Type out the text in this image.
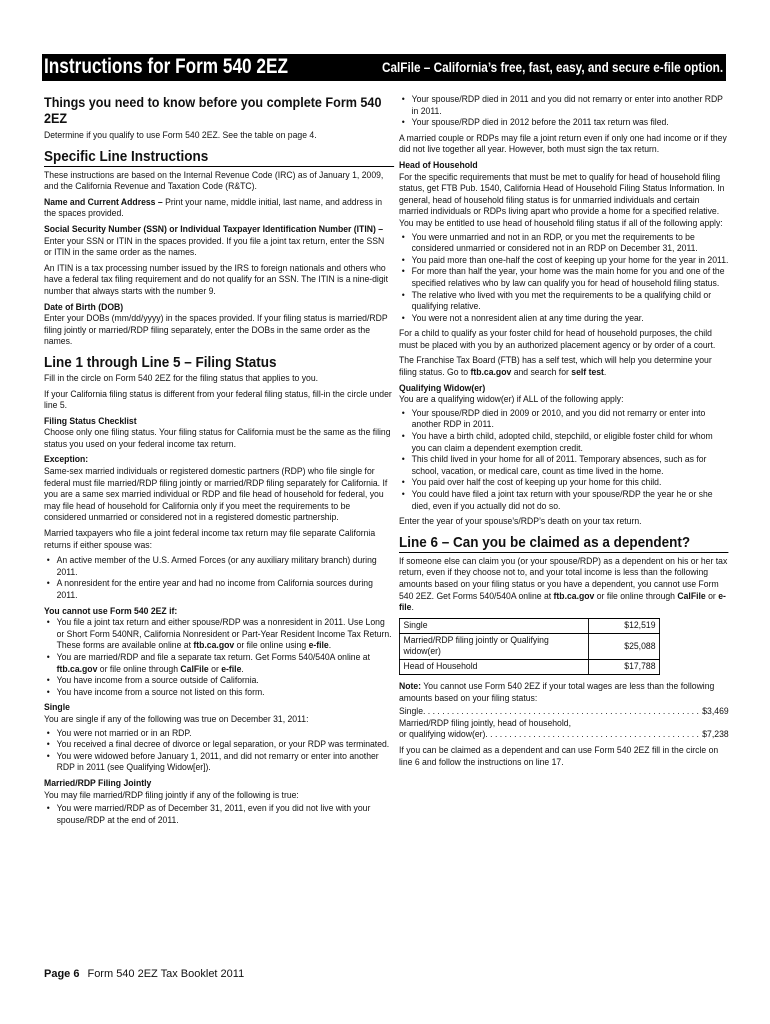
Instructions for Form 540 2EZ	CalFile – California’s free, fast, easy, and secure e-file option.
Things you need to know before you complete Form 540 2EZ

Determine if you qualify to use Form 540 2EZ. See the table on page 4.

Specific Line Instructions

These instructions are based on the Internal Revenue Code (IRC) as of January 1, 2009, and the California Revenue and Taxation Code (R&TC).

Name and Current Address – Print your name, middle initial, last name, and address in the spaces provided.

Social Security Number (SSN) or Individual Taxpayer Identification Number (ITIN) – Enter your SSN or ITIN in the spaces provided. If you file a joint tax return, enter the SSN or ITIN in the same order as the names.

An ITIN is a tax processing number issued by the IRS to foreign nationals and others who have a federal tax filing requirement and do not qualify for an SSN. The ITIN is a nine-digit number that always starts with the number 9.

Date of Birth (DOB)

Enter your DOBs (mm/dd/yyyy) in the spaces provided. If your filing status is married/RDP filing jointly or married/RDP filing separately, enter the DOBs in the same order as the names.

Line 1 through Line 5 – Filing Status

Fill in the circle on Form 540 2EZ for the filing status that applies to you.

If your California filing status is different from your federal filing status, fill-in the circle under line 5.

Filing Status Checklist

Choose only one filing status. Your filing status for California must be the same as the filing status you used on your federal income tax return.

Exception:

Same-sex married individuals or registered domestic partners (RDP) who file single for federal must file married/RDP filing jointly or married/RDP filing separately for California. If you are a same sex married individual or RDP and file head of household for federal, you may file head of household for California only if you meet the requirements to be considered unmarried or considered not in a registered domestic partnership.

Married taxpayers who file a joint federal income tax return may file separate California returns if either spouse was:

• An active member of the U.S. Armed Forces (or any auxiliary military branch) during 2011.
• A nonresident for the entire year and had no income from California sources during 2011.
You cannot use Form 540 2EZ if:
• You file a joint tax return and either spouse/RDP was a nonresident in 2011. Use Long or Short Form 540NR, California Nonresident or Part-Year Resident Income Tax Return. These forms are available online at ftb.ca.gov or file online using e-file.
• You are married/RDP and file a separate tax return. Get Forms 540/540A online at ftb.ca.gov or file online through CalFile or e-file.
• You have income from a source outside of California.
• You have income from a source not listed on this form.
Single

You are single if any of the following was true on December 31, 2011:

• You were not married or in an RDP.
• You received a final decree of divorce or legal separation, or your RDP was terminated.
• You were widowed before January 1, 2011, and did not remarry or enter into another RDP in 2011 (see Qualifying Widow[er]).
Married/RDP Filing Jointly

You may file married/RDP filing jointly if any of the following is true:

• You were married/RDP as of December 31, 2011, even if you did not live with your spouse/RDP at the end of 2011.
• Your spouse/RDP died in 2011 and you did not remarry or enter into another RDP in 2011.
• Your spouse/RDP died in 2012 before the 2011 tax return was filed.

A married couple or RDPs may file a joint return even if only one had income or if they did not live together all year. However, both must sign the tax return.

Head of Household

For the specific requirements that must be met to qualify for head of household filing status, get FTB Pub. 1540, California Head of Household Filing Status Information. In general, head of household filing status is for unmarried individuals and certain married individuals or RDPs living apart who provide a home for a specified relative. You may be entitled to use head of household filing status if all of the following apply:

• You were unmarried and not in an RDP, or you met the requirements to be considered unmarried or considered not in an RDP on December 31, 2011.
• You paid more than one-half the cost of keeping up your home for the year in 2011.
• For more than half the year, your home was the main home for you and one of the specified relatives who by law can qualify you for head of household filing status.
• The relative who lived with you met the requirements to be a qualifying child or qualifying relative.
• You were not a nonresident alien at any time during the year.

For a child to qualify as your foster child for head of household purposes, the child must be placed with you by an authorized placement agency or by order of a court.

The Franchise Tax Board (FTB) has a self test, which will help you determine your filing status. Go to ftb.ca.gov and search for self test.

Qualifying Widow(er)

You are a qualifying widow(er) if ALL of the following apply:

• Your spouse/RDP died in 2009 or 2010, and you did not remarry or enter into another RDP in 2011.
• You have a birth child, adopted child, stepchild, or eligible foster child for whom you can claim a dependent exemption credit.
• This child lived in your home for all of 2011. Temporary absences, such as for school, vacation, or medical care, count as time lived in the home.
• You paid over half the cost of keeping up your home for this child.
• You could have filed a joint tax return with your spouse/RDP the year he or she died, even if you actually did not do so.

Enter the year of your spouse’s/RDP’s death on your tax return.

Line 6 – Can you be claimed as a dependent?

If someone else can claim you (or your spouse/RDP) as a dependent on his or her tax return, even if they choose not to, and your total income is less than the following amounts based on your filing status or you have a dependent, you cannot use Form 540 2EZ. Get Forms 540/540A online at ftb.ca.gov or file online through CalFile or e-file.

Single	$12,519
Married/RDP filing jointly or Qualifying widow(er)	$25,088
Head of Household	$17,788

Note: You cannot use Form 540 2EZ if your total wages are less than the following amounts based on your filing status:

Single . . .	$3,469
Married/RDP filing jointly, head of household,
or qualifying widow(er) . . .	$7,238

If you can be claimed as a dependent and can use Form 540 2EZ fill in the circle on line 6 and follow the instructions on line 17.

Page 6 Form 540 2EZ Tax Booklet 2011
